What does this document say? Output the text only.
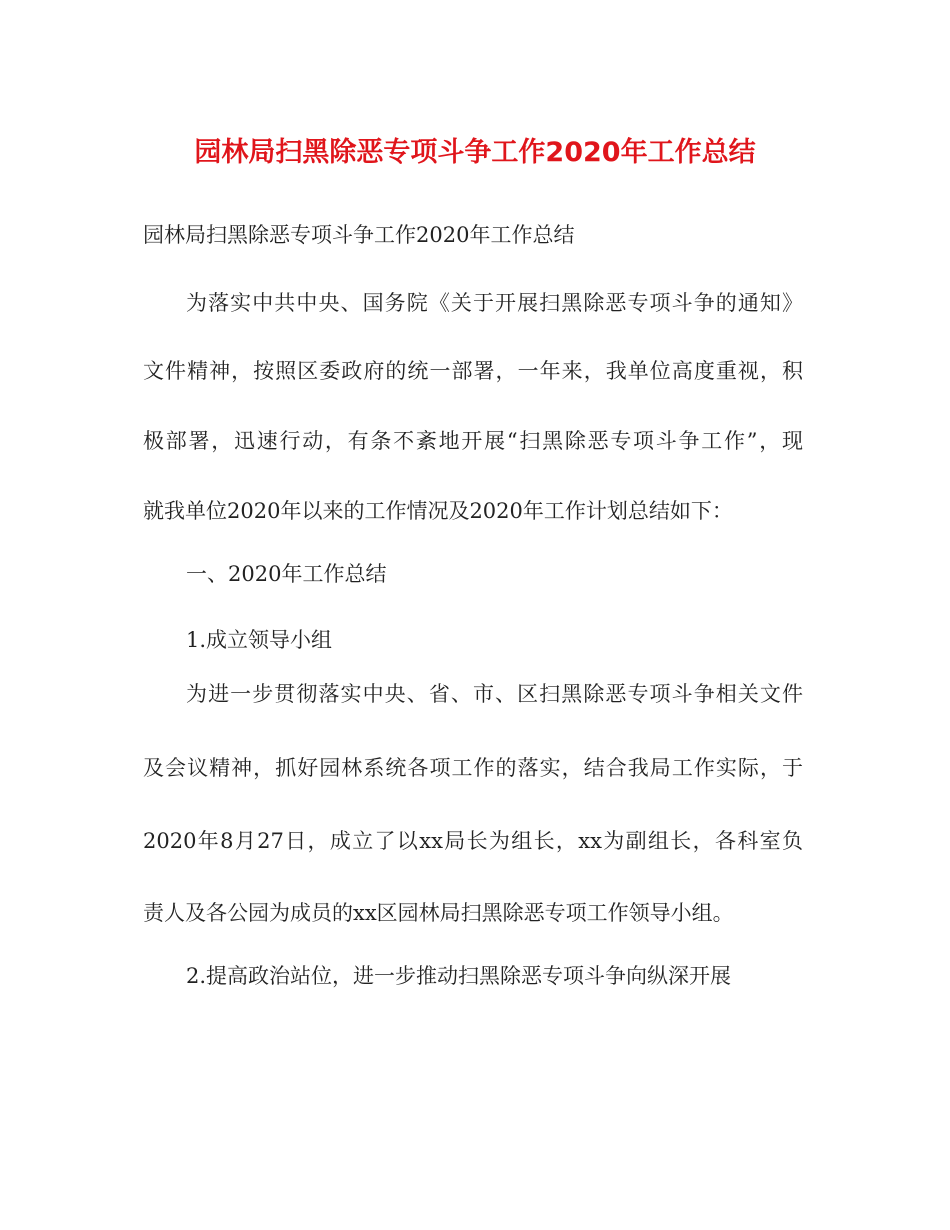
园林局扫黑除恶专项斗争工作2020年工作总结

园林局扫黑除恶专项斗争工作2020年工作总结

为落实中共中央、国务院《关于开展扫黑除恶专项斗争的通知》

文件精神，按照区委政府的统一部署，一年来，我单位高度重视，积

极部署，迅速行动，有条不紊地开展“扫黑除恶专项斗争工作”，现

就我单位2020年以来的工作情况及2020年工作计划总结如下：

一、2020年工作总结

1.成立领导小组

为进一步贯彻落实中央、省、市、区扫黑除恶专项斗争相关文件

及会议精神，抓好园林系统各项工作的落实，结合我局工作实际，于

2020年8月27日，成立了以xx局长为组长，xx为副组长，各科室负

责人及各公园为成员的xx区园林局扫黑除恶专项工作领导小组。

2.提高政治站位，进一步推动扫黑除恶专项斗争向纵深开展
